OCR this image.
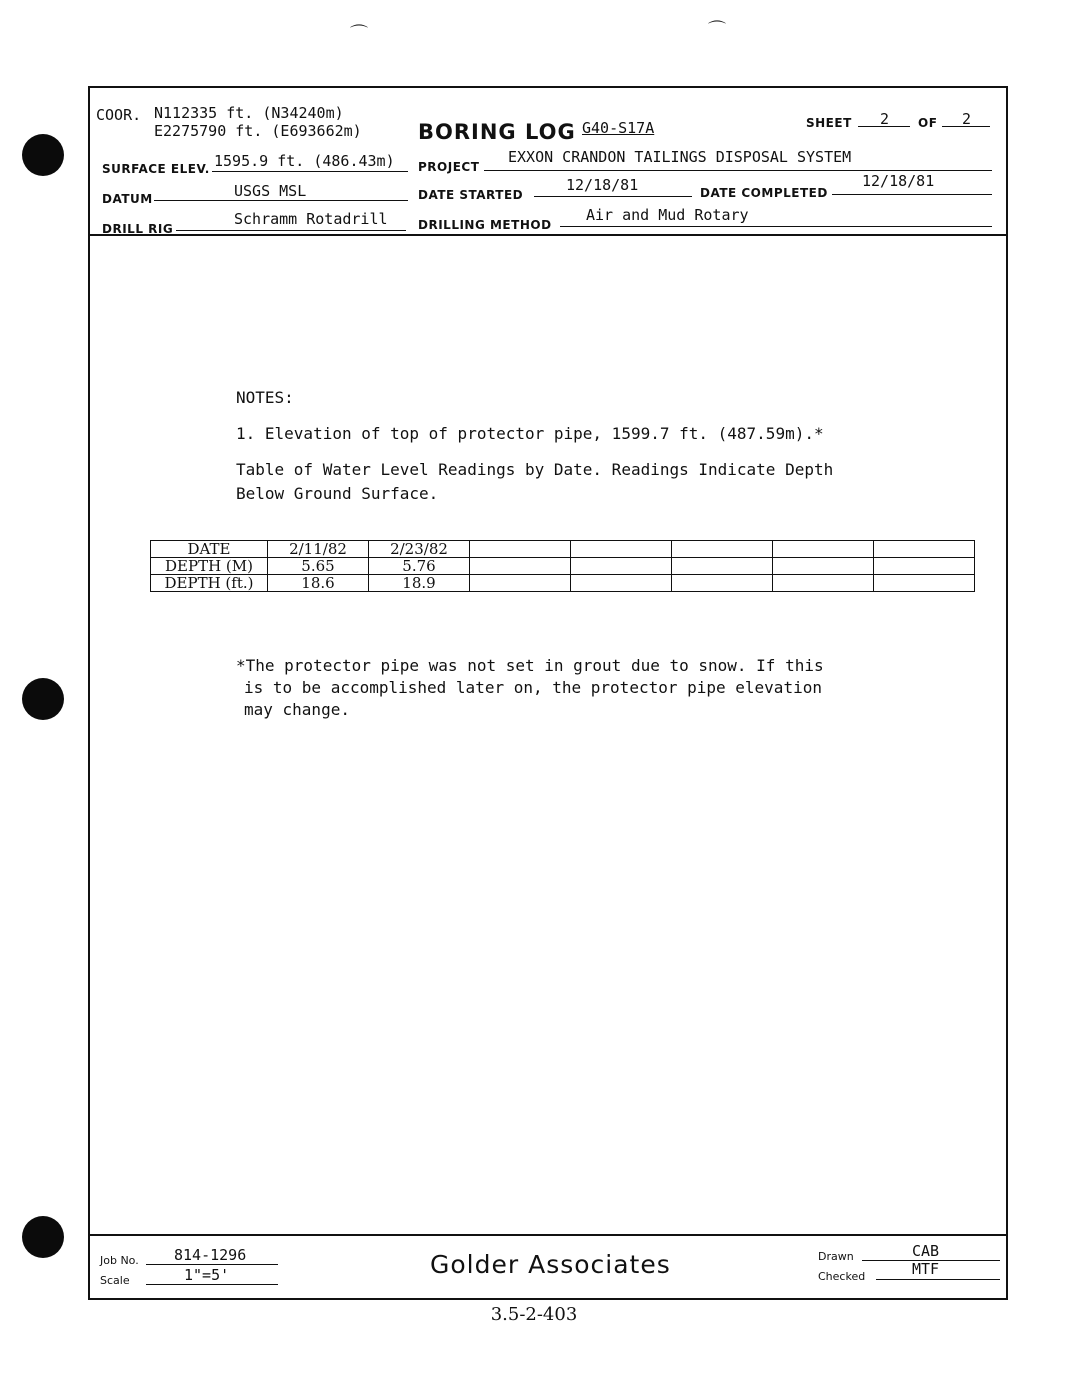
⌒	⌒
COOR. N112335 ft. (N34240m)
E2275790 ft. (E693662m)	BORING LOG G40-S17A	SHEET 2 OF 2
SURFACE ELEV. 1595.9 ft. (486.43m) PROJECT
EXXON CRANDON TAILINGS DISPOSAL SYSTEM
DATUM	USGS MSL	DATE STARTED
12/18/81	DATE COMPLETED
12/18/81
DRILL RIG
Schramm Rotadrill	DRILLING METHOD
Air and Mud Rotary
Job No. 814-1296
Scale	1"=5'	Golder Associates	Drawn	CAB
Checked	MTF
NOTES:
1. Elevation of top of protector pipe, 1599.7 ft. (487.59m).*
Table of Water Level Readings by Date. Readings Indicate Depth
Below Ground Surface.
DATE	2/11/82	2/23/82					
DEPTH (M)	5.65	5.76					
DEPTH (ft.)	18.6	18.9					
*The protector pipe was not set in grout due to snow. If this
is to be accomplished later on, the protector pipe elevation
may change.
3.5-2-403
